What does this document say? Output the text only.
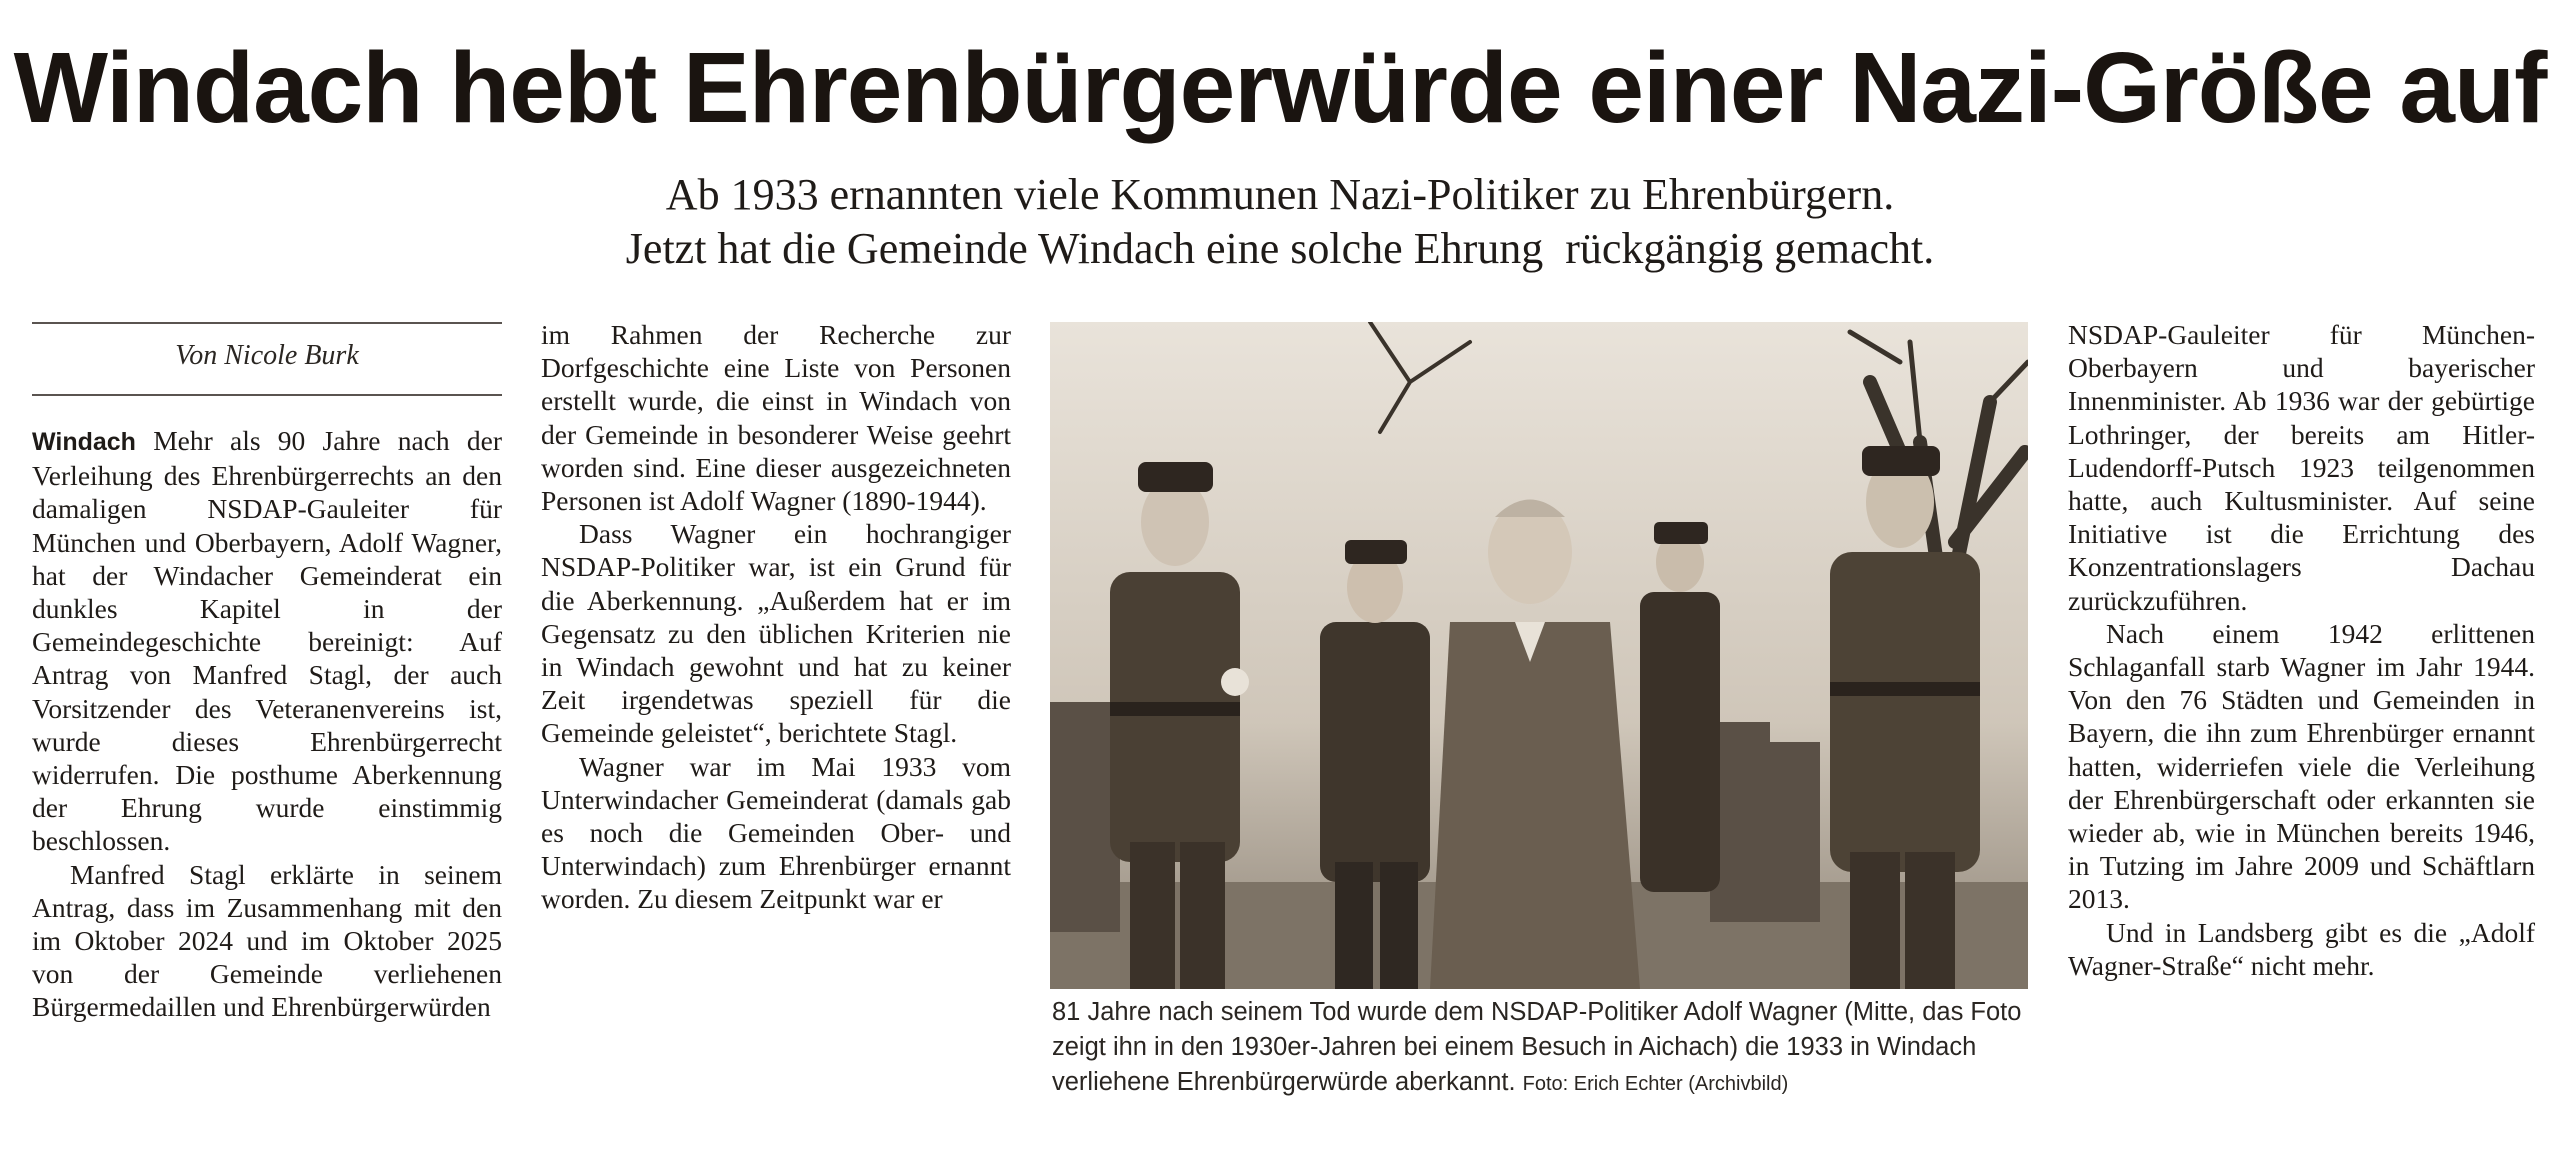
Windach hebt Ehrenbürgerwürde einer Nazi-Größe auf
Ab 1933 ernannten viele Kommunen Nazi-Politiker zu Ehrenbürgern.
Jetzt hat die Gemeinde Windach eine solche Ehrung  rückgängig gemacht.
Von Nicole Burk

Windach Mehr als 90 Jahre nach der Verleihung des Ehrenbürgerrechts an den damaligen NSDAP-Gauleiter für München und Oberbayern, Adolf Wagner, hat der Windacher Gemeinderat ein dunkles Kapitel in der Gemeindegeschichte bereinigt: Auf Antrag von Manfred Stagl, der auch Vorsitzender des Veteranenvereins ist, wurde dieses Ehrenbürgerrecht widerrufen. Die posthume Aberkennung der Ehrung wurde einstimmig beschlossen.

Manfred Stagl erklärte in seinem Antrag, dass im Zusammenhang mit den im Oktober 2024 und im Oktober 2025 von der Gemeinde verliehenen Bürgermedaillen und Ehrenbürgerwürden

im Rahmen der Recherche zur Dorfgeschichte eine Liste von Personen erstellt wurde, die einst in Windach von der Gemeinde in besonderer Weise geehrt worden sind. Eine dieser ausgezeichneten Personen ist Adolf Wagner (1890-1944).

Dass Wagner ein hochrangiger NSDAP-Politiker war, ist ein Grund für die Aberkennung. „Außerdem hat er im Gegensatz zu den üblichen Kriterien nie in Windach gewohnt und hat zu keiner Zeit irgendetwas speziell für die Gemeinde geleistet“, berichtete Stagl.

Wagner war im Mai 1933 vom Unterwindacher Gemeinderat (damals gab es noch die Gemeinden Ober- und Unterwindach) zum Ehrenbürger ernannt worden. Zu diesem Zeitpunkt war er

81 Jahre nach seinem Tod wurde dem NSDAP-Politiker Adolf Wagner (Mitte, das Foto zeigt ihn in den 1930er-Jahren bei einem Besuch in Aichach) die 1933 in Windach verliehene Ehrenbürgerwürde aberkannt. Foto: Erich Echter (Archivbild)

NSDAP-Gauleiter für München-Oberbayern und bayerischer Innenminister. Ab 1936 war der gebürtige Lothringer, der bereits am Hitler-Ludendorff-Putsch 1923 teilgenommen hatte, auch Kultusminister. Auf seine Initiative ist die Errichtung des Konzentrationslagers Dachau zurückzuführen.

Nach einem 1942 erlittenen Schlaganfall starb Wagner im Jahr 1944. Von den 76 Städten und Gemeinden in Bayern, die ihn zum Ehrenbürger ernannt hatten, widerriefen viele die Verleihung der Ehrenbürgerschaft oder erkannten sie wieder ab, wie in München bereits 1946, in Tutzing im Jahre 2009 und Schäftlarn 2013.

Und in Landsberg gibt es die „Adolf Wagner-Straße“ nicht mehr.
